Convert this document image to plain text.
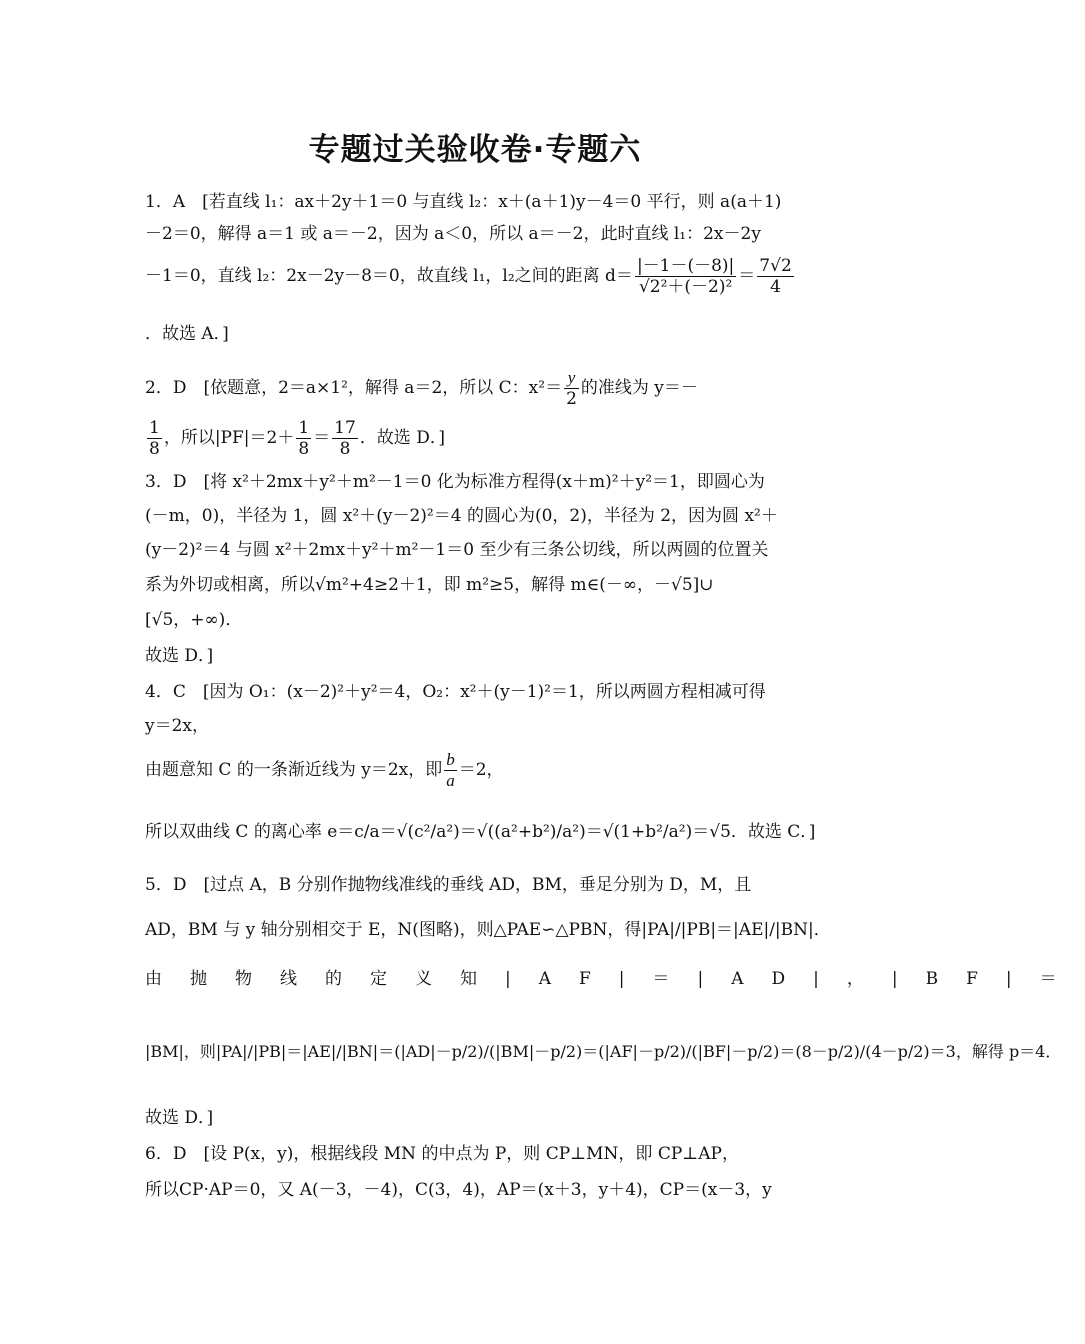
专题过关验收卷·专题六
1．A　[若直线 l₁：ax＋2y＋1＝0 与直线 l₂：x＋(a＋1)y－4＝0 平行，则 a(a＋1)
－2＝0，解得 a＝1 或 a＝－2，因为 a＜0，所以 a＝－2，此时直线 l₁：2x－2y
－1＝0，直线 l₂：2x－2y－8＝0，故直线 l₁，l₂之间的距离 $d= \frac{|-1-(-8)|}{\text{√2²＋(－2)²}} = \frac{7√2}{4}$
．故选 A．]
2．D　[依题意，2＝a×1²，解得 a＝2，所以 C：$x^2= \frac{y}{2}$ 的准线为 y＝－
$\frac{1}{8}$ ，所以$|PF|=2+ \frac{1}{8} = \frac{17}{8}$ ．故选 D．]
3．D　[将 x²＋2mx＋y²＋m²－1＝0 化为标准方程得(x＋m)²＋y²＝1，即圆心为
(－m，0)，半径为 1，圆 x²＋(y－2)²＝4 的圆心为(0，2)，半径为 2，因为圆 x²＋
(y－2)²＝4 与圆 x²＋2mx＋y²＋m²－1＝0 至少有三条公切线，所以两圆的位置关
系为外切或相离，所以√m²+4≥2＋1，即 m²≥5，解得 m∈(－∞，－√5]∪
[√5，+∞)．
故选 D．]
4．C　[因为 O₁：(x－2)²＋y²＝4，O₂：x²＋(y－1)²＝1，所以两圆方程相减可得
y＝2x，
由题意知 C 的一条渐近线为 y＝2x，即 $\frac{b}{a} =2$，
所以双曲线 C 的离心率 e＝c/a＝√(c²/a²)＝√((a²+b²)/a²)＝√(1+b²/a²)＝√5．故选 C．]
5．D　[过点 A，B 分别作抛物线准线的垂线 AD，BM，垂足分别为 D，M，且
AD，BM 与 y 轴分别相交于 E，N(图略)，则△PAE∽△PBN，得|PA|/|PB|＝|AE|/|BN|．
由抛物线的定义知|AF|＝|AD|，|BF|＝
|BM|，则|PA|/|PB|＝|AE|/|BN|＝(|AD|－p/2)/(|BM|－p/2)＝(|AF|－p/2)/(|BF|－p/2)＝(8－p/2)/(4－p/2)＝3，解得 p＝4．
故选 D．]
6．D　[设 P(x，y)，根据线段 MN 的中点为 P，则 CP⊥MN，即 CP⊥AP，
所以CP·AP＝0，又 A(－3，－4)，C(3，4)，AP＝(x＋3，y＋4)，CP＝(x－3，y
